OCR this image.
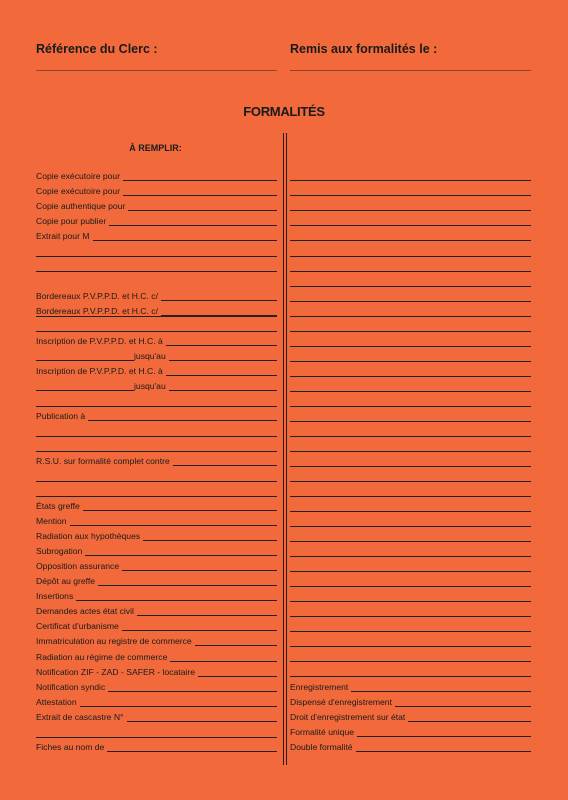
Référence du Clerc :	Remis aux formalités le :
FORMALITÉS
À REMPLIR:
Copie exécutoire pour
Copie exécutoire pour
Copie authentique pour
Copie pour publier
Extrait pour M
Bordereaux P.V.P.P.D. et H.C. c/
Bordereaux P.V.P.P.D. et H.C. c/
Inscription de P.V.P.P.D. et H.C. à
jusqu'au
Inscription de P.V.P.P.D. et H.C. à
jusqu'au
Publication à
R.S.U. sur formalité complet contre
États greffe
Mention
Radiation aux hypothèques
Subrogation
Opposition assurance
Dépôt au greffe
Insertions
Demandes actes état civil
Certificat d'urbanisme
Immatriculation au registre de commerce
Radiation au régime de commerce
Notification ZIF - ZAD - SAFER - locataire
Notification syndic
Attestation
Extrait de cascastre N°
Fiches au nom de
Enregistrement
Dispensé d'enregistrement
Droit d'enregistrement sur état
Formalité unique
Double formalité
